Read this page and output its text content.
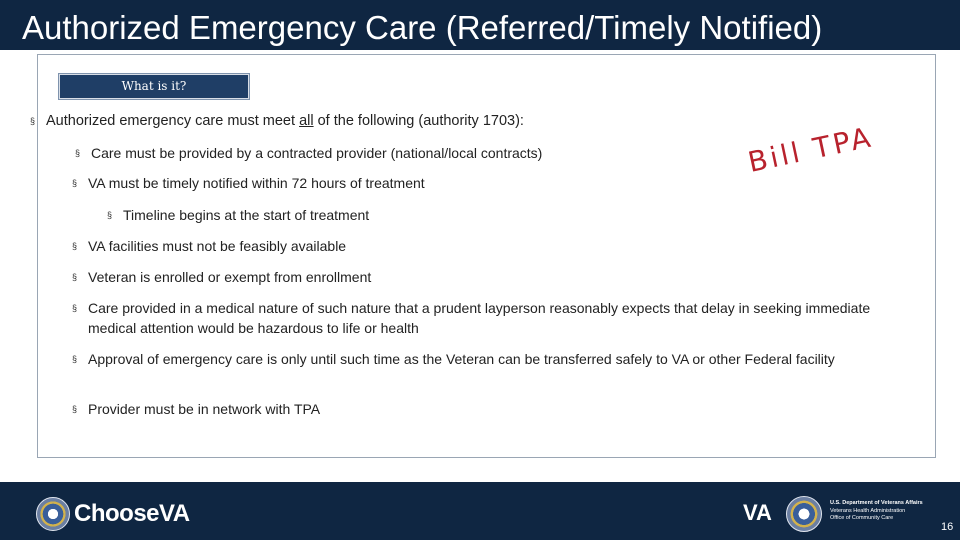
Authorized Emergency Care (Referred/Timely Notified)
What is it?
§ Authorized emergency care must meet all of the following (authority 1703):
§ Care must be provided by a contracted provider (national/local contracts)
§ VA must be timely notified within 72 hours of treatment
§ Timeline begins at the start of treatment
§ VA facilities must not be feasibly available
§ Veteran is enrolled or exempt from enrollment
§ Care provided in a medical nature of such nature that a prudent layperson reasonably expects that delay in seeking immediate medical attention would be hazardous to life or health
§ Approval of emergency care is only until such time as the Veteran can be transferred safely to VA or other Federal facility
§ Provider must be in network with TPA
Bill TPA
ChooseVA	VA	U.S. Department of Veterans Affairs
Veterans Health Administration
Office of Community Care
16
